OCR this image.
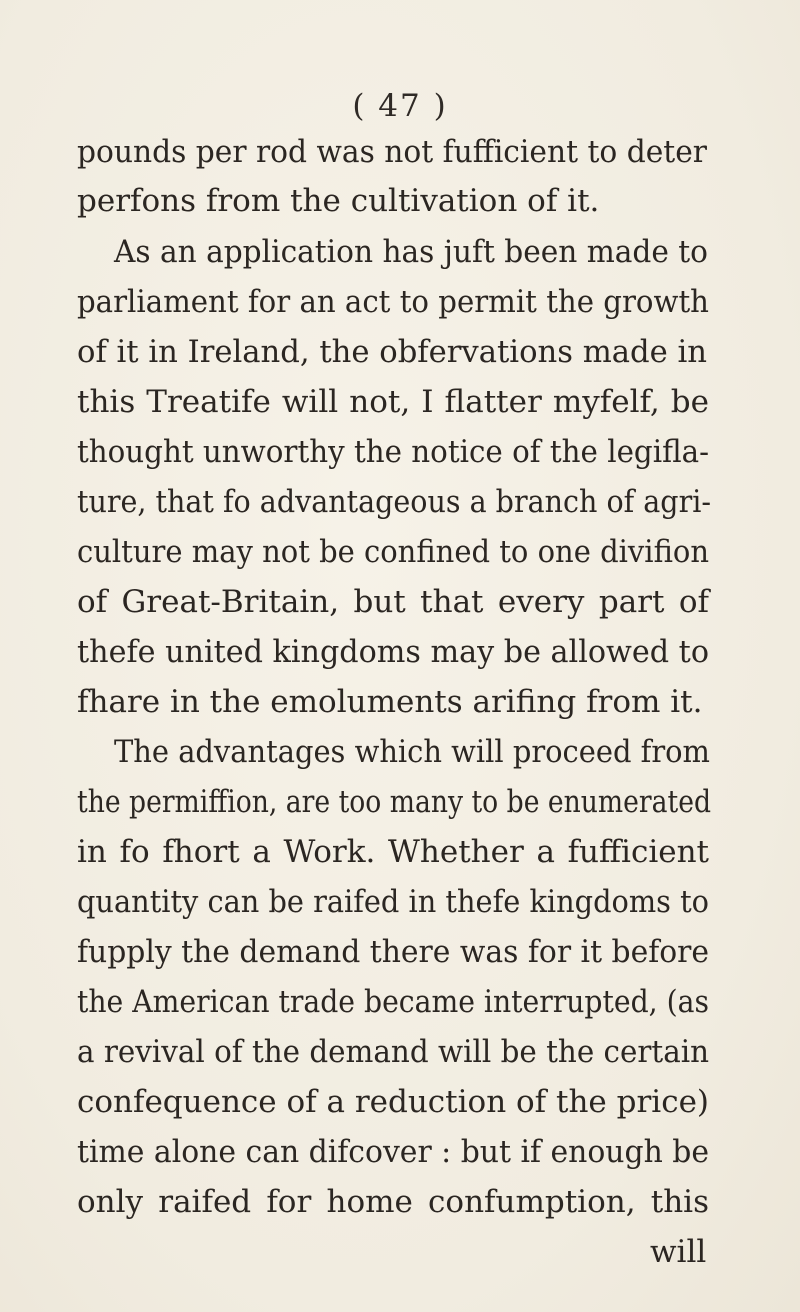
( 47 )
pounds per rod was not fufficient to deter
perfons from the cultivation of it.
As an application has juft been made to
parliament for an act to permit the growth
of it in Ireland, the obfervations made in
this Treatife will not, I flatter myfelf, be
thought unworthy the notice of the legifla-
ture, that fo advantageous a branch of agri-
culture may not be confined to one divifion
of Great-Britain, but that every part of
thefe united kingdoms may be allowed to
fhare in the emoluments arifing from it.
The advantages which will proceed from
the permiffion, are too many to be enumerated
in fo fhort a Work. Whether a fufficient
quantity can be raifed in thefe kingdoms to
fupply the demand there was for it before
the American trade became interrupted, (as
a revival of the demand will be the certain
confequence of a reduction of the price)
time alone can difcover : but if enough be
only raifed for home confumption, this
will
